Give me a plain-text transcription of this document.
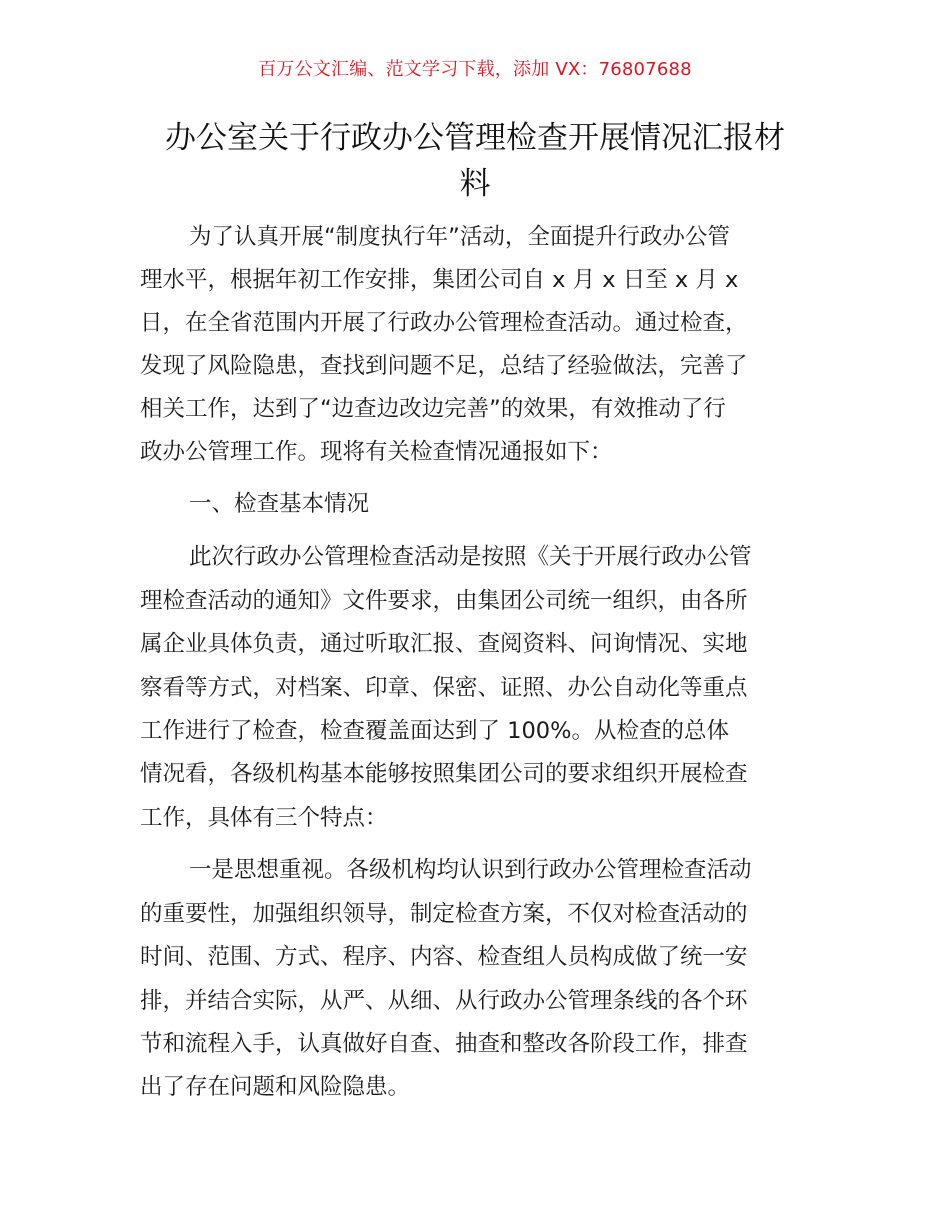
百万公文汇编、范文学习下载，添加 VX：76807688
办公室关于行政办公管理检查开展情况汇报材
料
为了认真开展“制度执行年”活动，全面提升行政办公管
理水平，根据年初工作安排，集团公司自 x 月 x 日至 x 月 x
日，在全省范围内开展了行政办公管理检查活动。通过检查，
发现了风险隐患，查找到问题不足，总结了经验做法，完善了
相关工作，达到了“边查边改边完善”的效果，有效推动了行
政办公管理工作。现将有关检查情况通报如下：
一、检查基本情况
此次行政办公管理检查活动是按照《关于开展行政办公管
理检查活动的通知》文件要求，由集团公司统一组织，由各所
属企业具体负责，通过听取汇报、查阅资料、问询情况、实地
察看等方式，对档案、印章、保密、证照、办公自动化等重点
工作进行了检查，检查覆盖面达到了 100%。从检查的总体
情况看，各级机构基本能够按照集团公司的要求组织开展检查
工作，具体有三个特点：
一是思想重视。各级机构均认识到行政办公管理检查活动
的重要性，加强组织领导，制定检查方案，不仅对检查活动的
时间、范围、方式、程序、内容、检查组人员构成做了统一安
排，并结合实际，从严、从细、从行政办公管理条线的各个环
节和流程入手，认真做好自查、抽查和整改各阶段工作，排查
出了存在问题和风险隐患。
